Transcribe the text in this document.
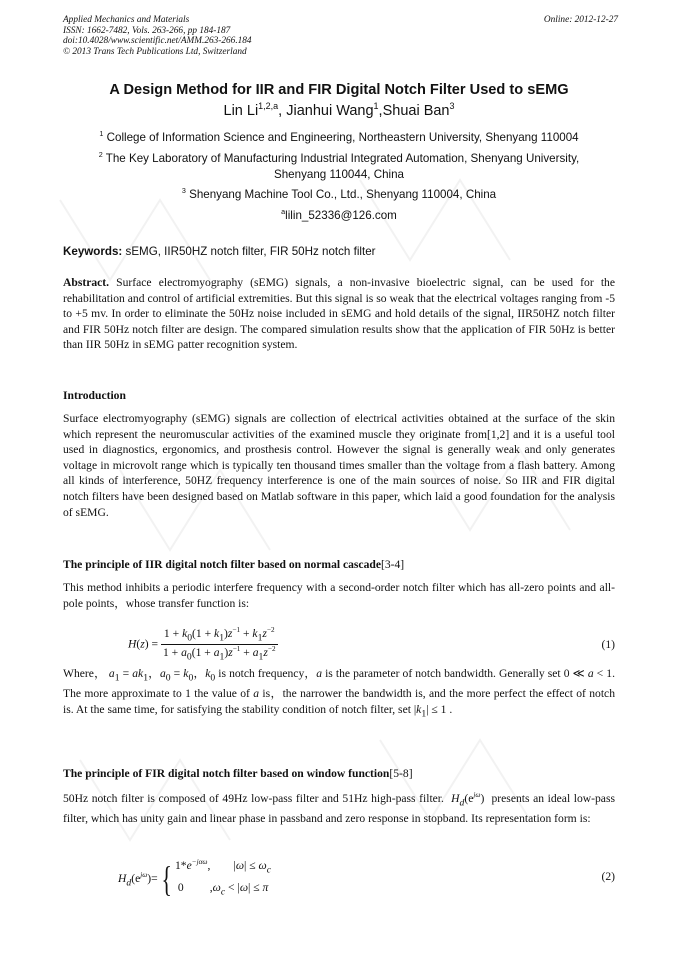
Applied Mechanics and Materials
ISSN: 1662-7482, Vols. 263-266, pp 184-187
doi:10.4028/www.scientific.net/AMM.263-266.184
© 2013 Trans Tech Publications Ltd, Switzerland
Online: 2012-12-27
A Design Method for IIR and FIR Digital Notch Filter Used to sEMG
Lin Li$^{1,2,a}$, Jianhui Wang$^1$,Shuai Ban$^3$
$^1$ College of Information Science and Engineering, Northeastern University, Shenyang 110004
$^2$ The Key Laboratory of Manufacturing Industrial Integrated Automation, Shenyang University, Shenyang 110044, China
$^3$ Shenyang Machine Tool Co., Ltd., Shenyang 110004, China
$^a$lilin_52336@126.com
Keywords: sEMG, IIR50HZ notch filter, FIR 50Hz notch filter
Abstract. Surface electromyography (sEMG) signals, a non-invasive bioelectric signal, can be used for the rehabilitation and control of artificial extremities. But this signal is so weak that the electrical voltages ranging from -5 to +5 mv. In order to eliminate the 50Hz noise included in sEMG and hold details of the signal, IIR50HZ notch filter and FIR 50Hz notch filter are design. The compared simulation results show that the application of FIR 50Hz is better than IIR 50Hz in sEMG patter recognition system.
Introduction
Surface electromyography (sEMG) signals are collection of electrical activities obtained at the surface of the skin which represent the neuromuscular activities of the examined muscle they originate from[1,2] and it is a useful tool used in diagnostics, ergonomics, and prosthesis control. However the signal is generally weak and only generates voltage in microvolt range which is typically ten thousand times smaller than the voltage from a flash battery. Among all kinds of interference, 50HZ frequency interference is one of the main sources of noise. So IIR and FIR digital notch filters have been designed based on Matlab software in this paper, which laid a good foundation for the analysis of sEMG.
The principle of IIR digital notch filter based on normal cascade[3-4]
This method inhibits a periodic interfere frequency with a second-order notch filter which has all-zero points and all-pole points，whose transfer function is:
$H(z) = \frac{1 + k_0(1 + k_1)z^{-1} + k_1z^{-2}}{1 + a_0(1 + a_1)z^{-1} + a_1z^{-2}}$	(1)
Where， $a_1 = ak_1$，$a_0 = k_0$，$k_0$ is notch frequency，a is the parameter of notch bandwidth. Generally set 0 ≪ a < 1. The more approximate to 1 the value of a is，the narrower the bandwidth is, and the more perfect the effect of notch is. At the same time, for satisfying the stability condition of notch filter, set $|k_1| \le 1$ .
The principle of FIR digital notch filter based on window function[5-8]
50Hz notch filter is composed of 49Hz low-pass filter and 51Hz high-pass filter. $H_d(e^{j\omega})$  presents an ideal low-pass filter, which has unity gain and linear phase in passband and zero response in stopband. Its representation form is:
$H_d(e^{j\omega})=${ $1*e^{-j\alpha\omega}$,        $|\omega| \le \omega_c$
0         $,\omega_c < |\omega| \le \pi$
(2)
